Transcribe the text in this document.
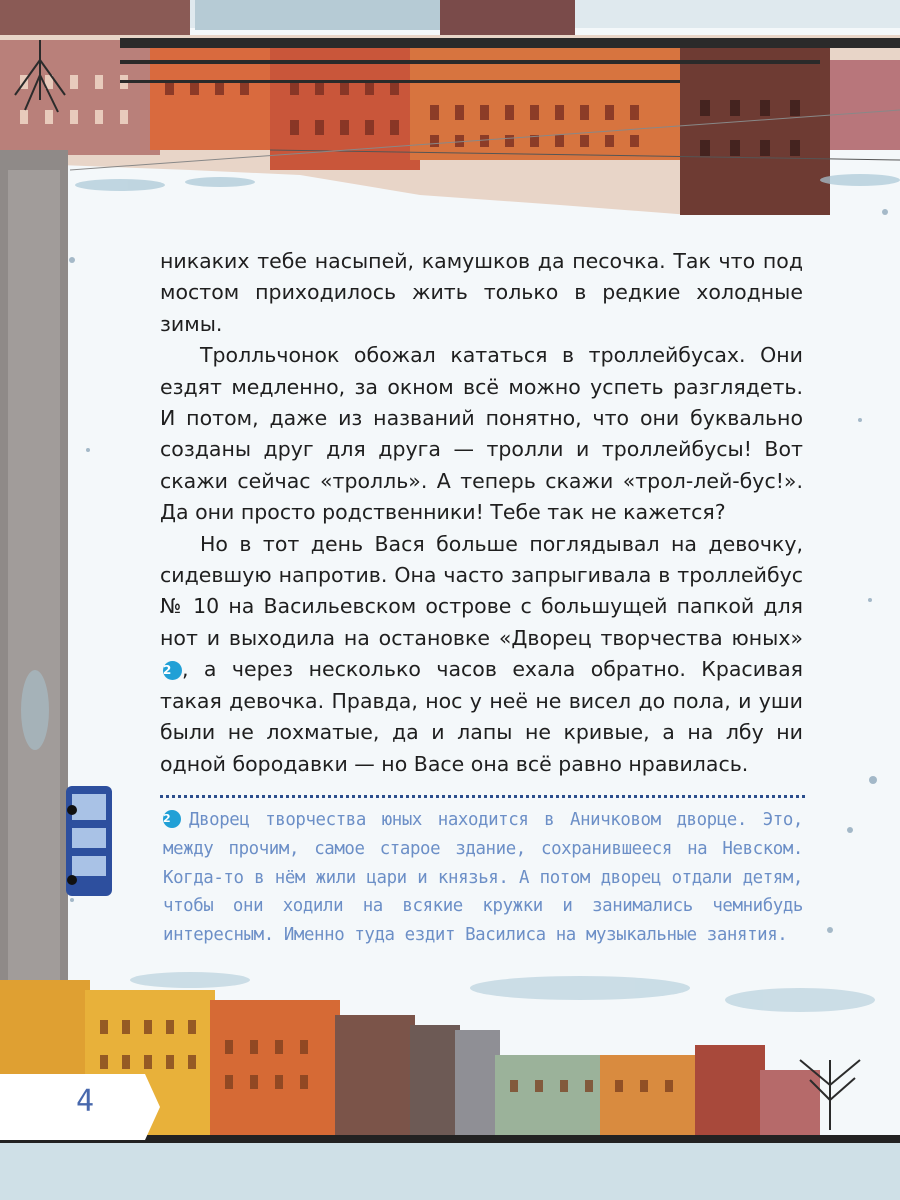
4

никаких тебе насыпей, камушков да песочка. Так что под мостом приходилось жить только в редкие холодные зимы.

Тролльчонок обожал кататься в троллейбусах. Они ездят медленно, за окном всё можно успеть разглядеть. И потом, даже из названий понятно, что они буквально созданы друг для друга — тролли и троллейбусы! Вот скажи сейчас «тролль». А теперь скажи «трол-лей-бус!». Да они просто родственники! Тебе так не кажется?

Но в тот день Вася больше поглядывал на девочку, сидевшую напротив. Она часто запрыгивала в троллейбус № 10 на Васильевском острове с большущей папкой для нот и выходила на остановке «Дворец творчества юных»2 , а через несколько часов ехала обратно. Красивая такая девочка. Правда, нос у неё не висел до пола, и уши были не лохматые, да и лапы не кривые, а на лбу ни одной бородавки — но Васе она всё равно нравилась.

2 Дворец творчества юных находится в Аничковом дворце. Это, между прочим, самое старое здание, сохранившееся на Невском. Когда-то в нём жили цари и князья. А потом дворец отдали детям, чтобы они ходили на всякие кружки и занимались чемнибудь интересным. Именно туда ездит Василиса на музыкальные занятия.
